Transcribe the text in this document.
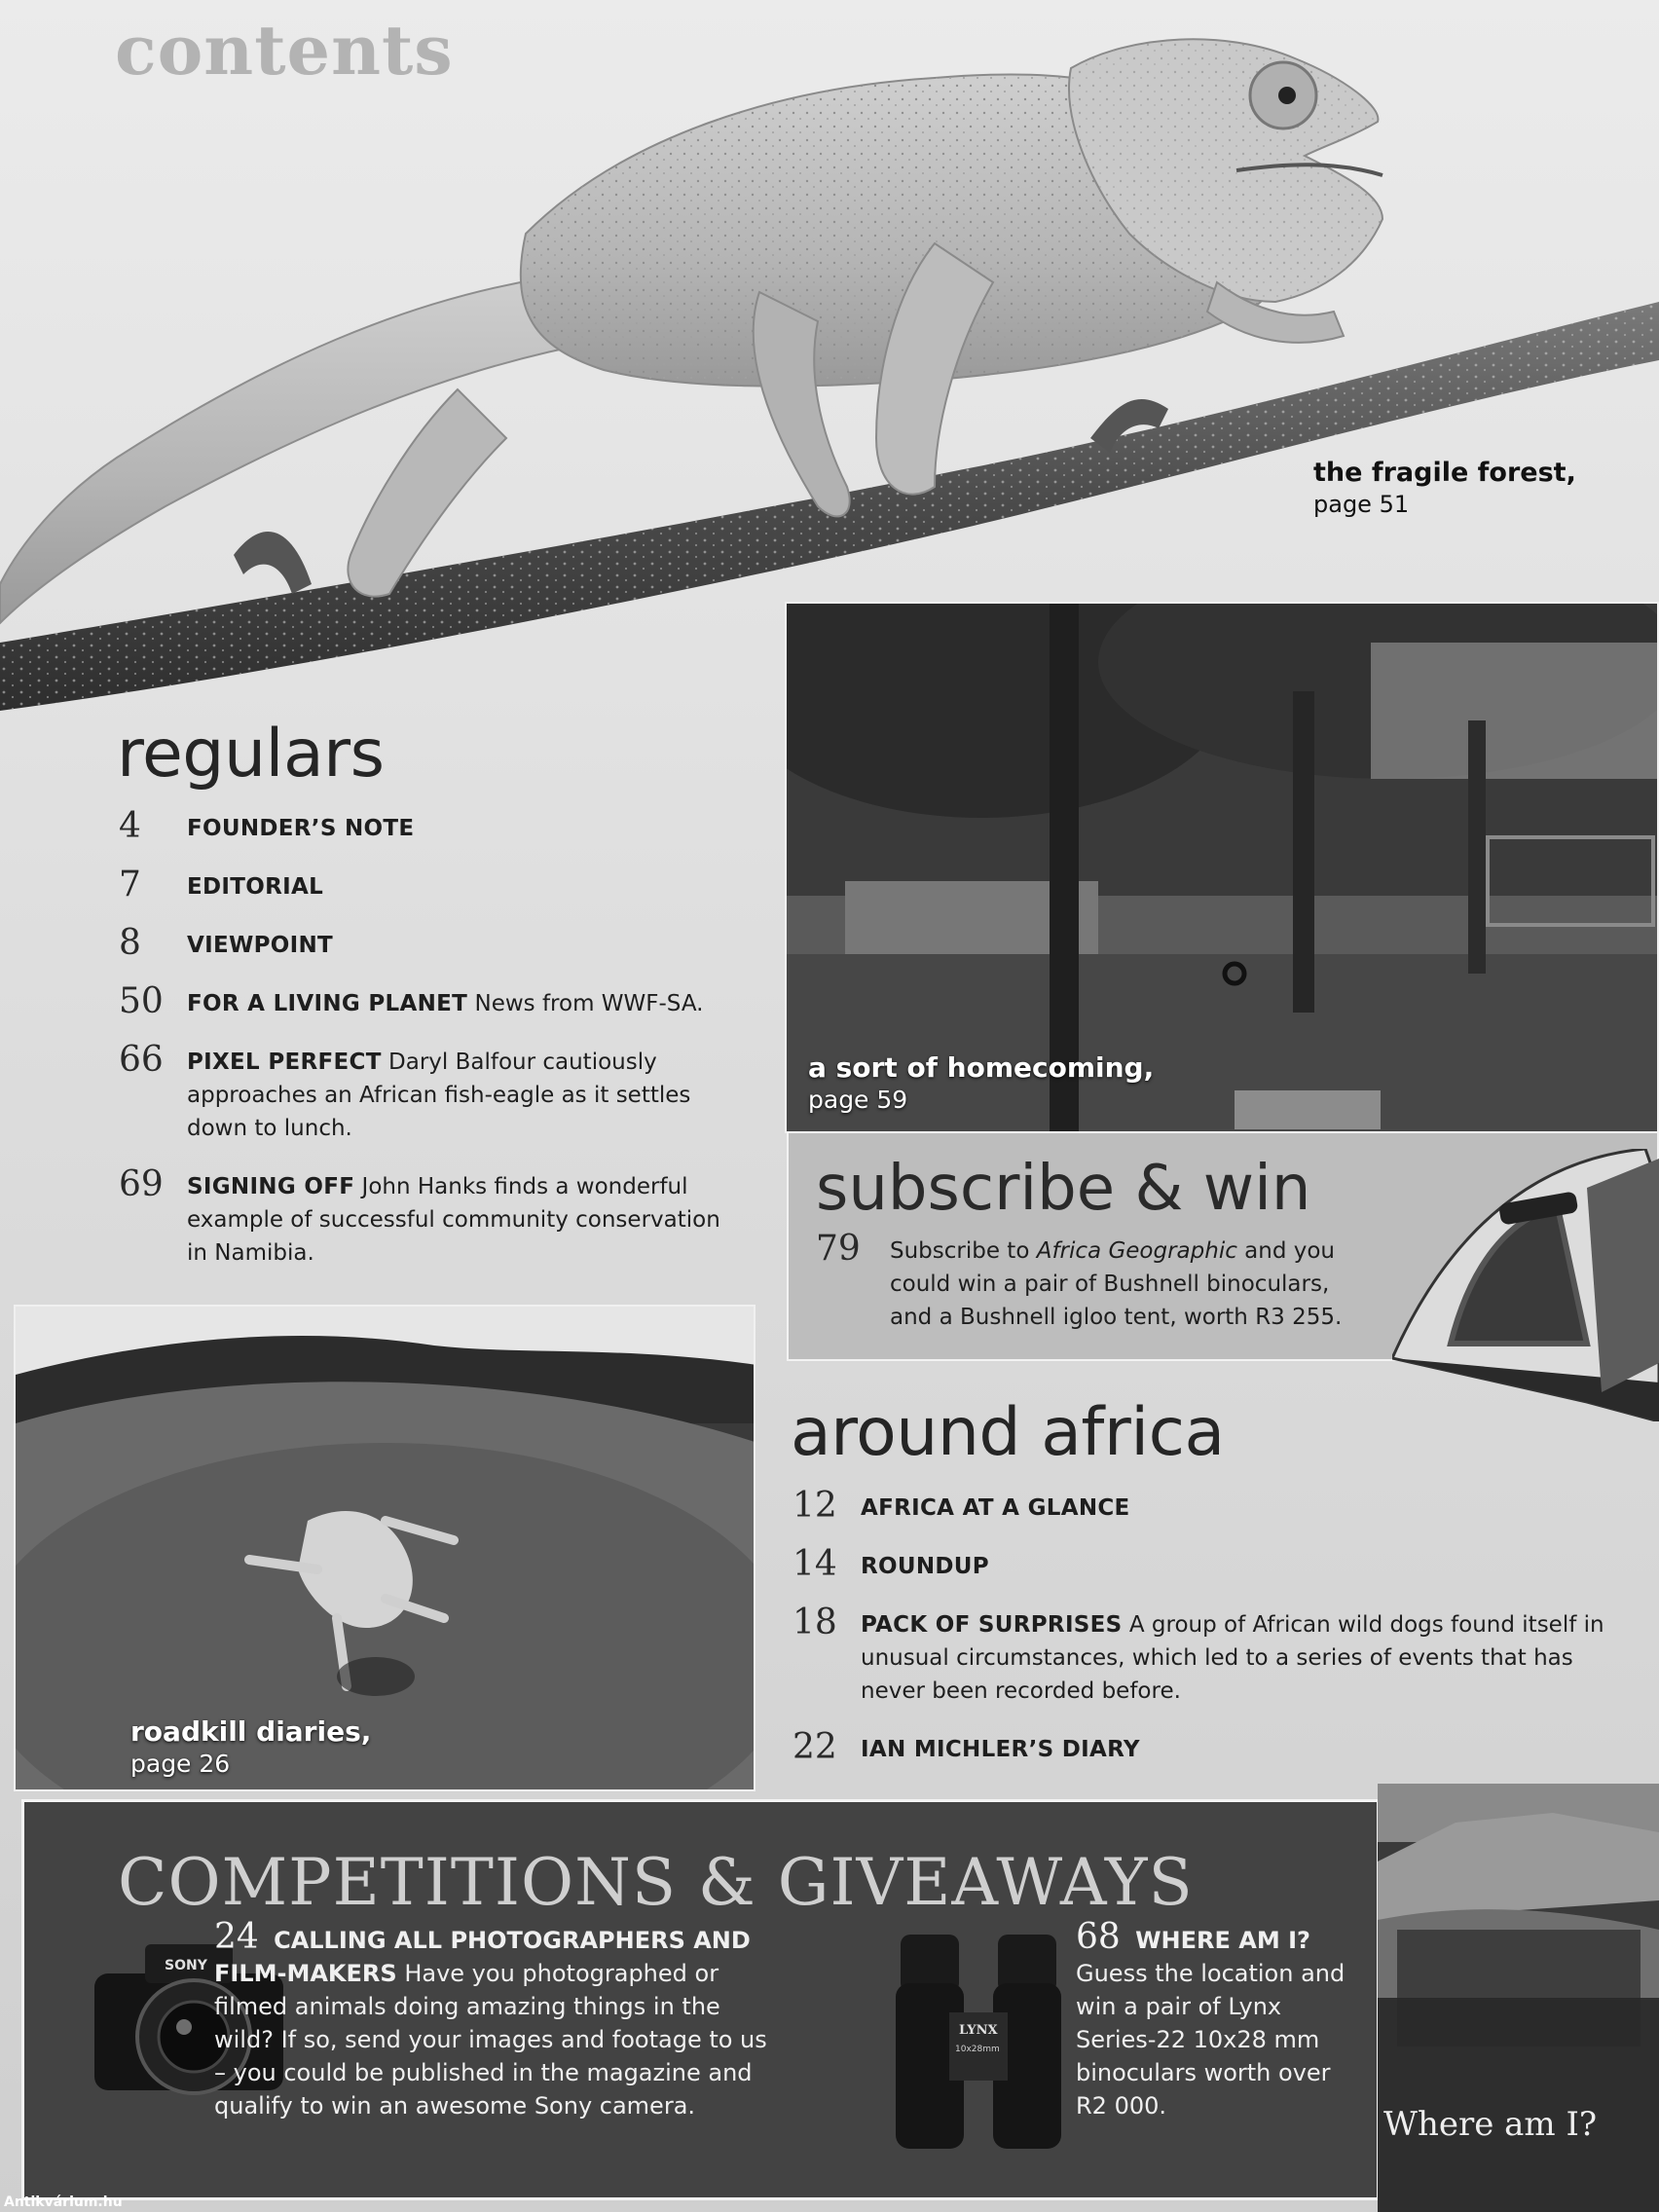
contents
the fragile forest,
page 51
regulars
4	FOUNDER’S NOTE
7	EDITORIAL
8	VIEWPOINT
50	FOR A LIVING PLANET News from WWF-SA.
66	PIXEL PERFECT Daryl Balfour cautiously approaches an African fish-eagle as it settles down to lunch.
69	SIGNING OFF John Hanks finds a wonderful example of successful community conservation in Namibia.
a sort of homecoming,
page 59
subscribe & win
79 Subscribe to Africa Geographic and you could win a pair of Bushnell binoculars, and a Bushnell igloo tent, worth R3 255.
roadkill diaries,
page 26
around africa
12	AFRICA AT A GLANCE
14	ROUNDUP
18	PACK OF SURPRISES A group of African wild dogs found itself in unusual circumstances, which led to a series of events that has never been recorded before.
22	IAN MICHLER’S DIARY
COMPETITIONS & GIVEAWAYS
SONY
24 CALLING ALL PHOTOGRAPHERS AND FILM-MAKERS Have you photographed or filmed animals doing amazing things in the wild? If so, send your images and footage to us – you could be published in the magazine and qualify to win an awesome Sony camera.
LYNX
10x28mm
68 WHERE AM I? Guess the location and win a pair of Lynx Series-22 10x28 mm binoculars worth over R2 000.	Where am I?
Antikvárium.hu
